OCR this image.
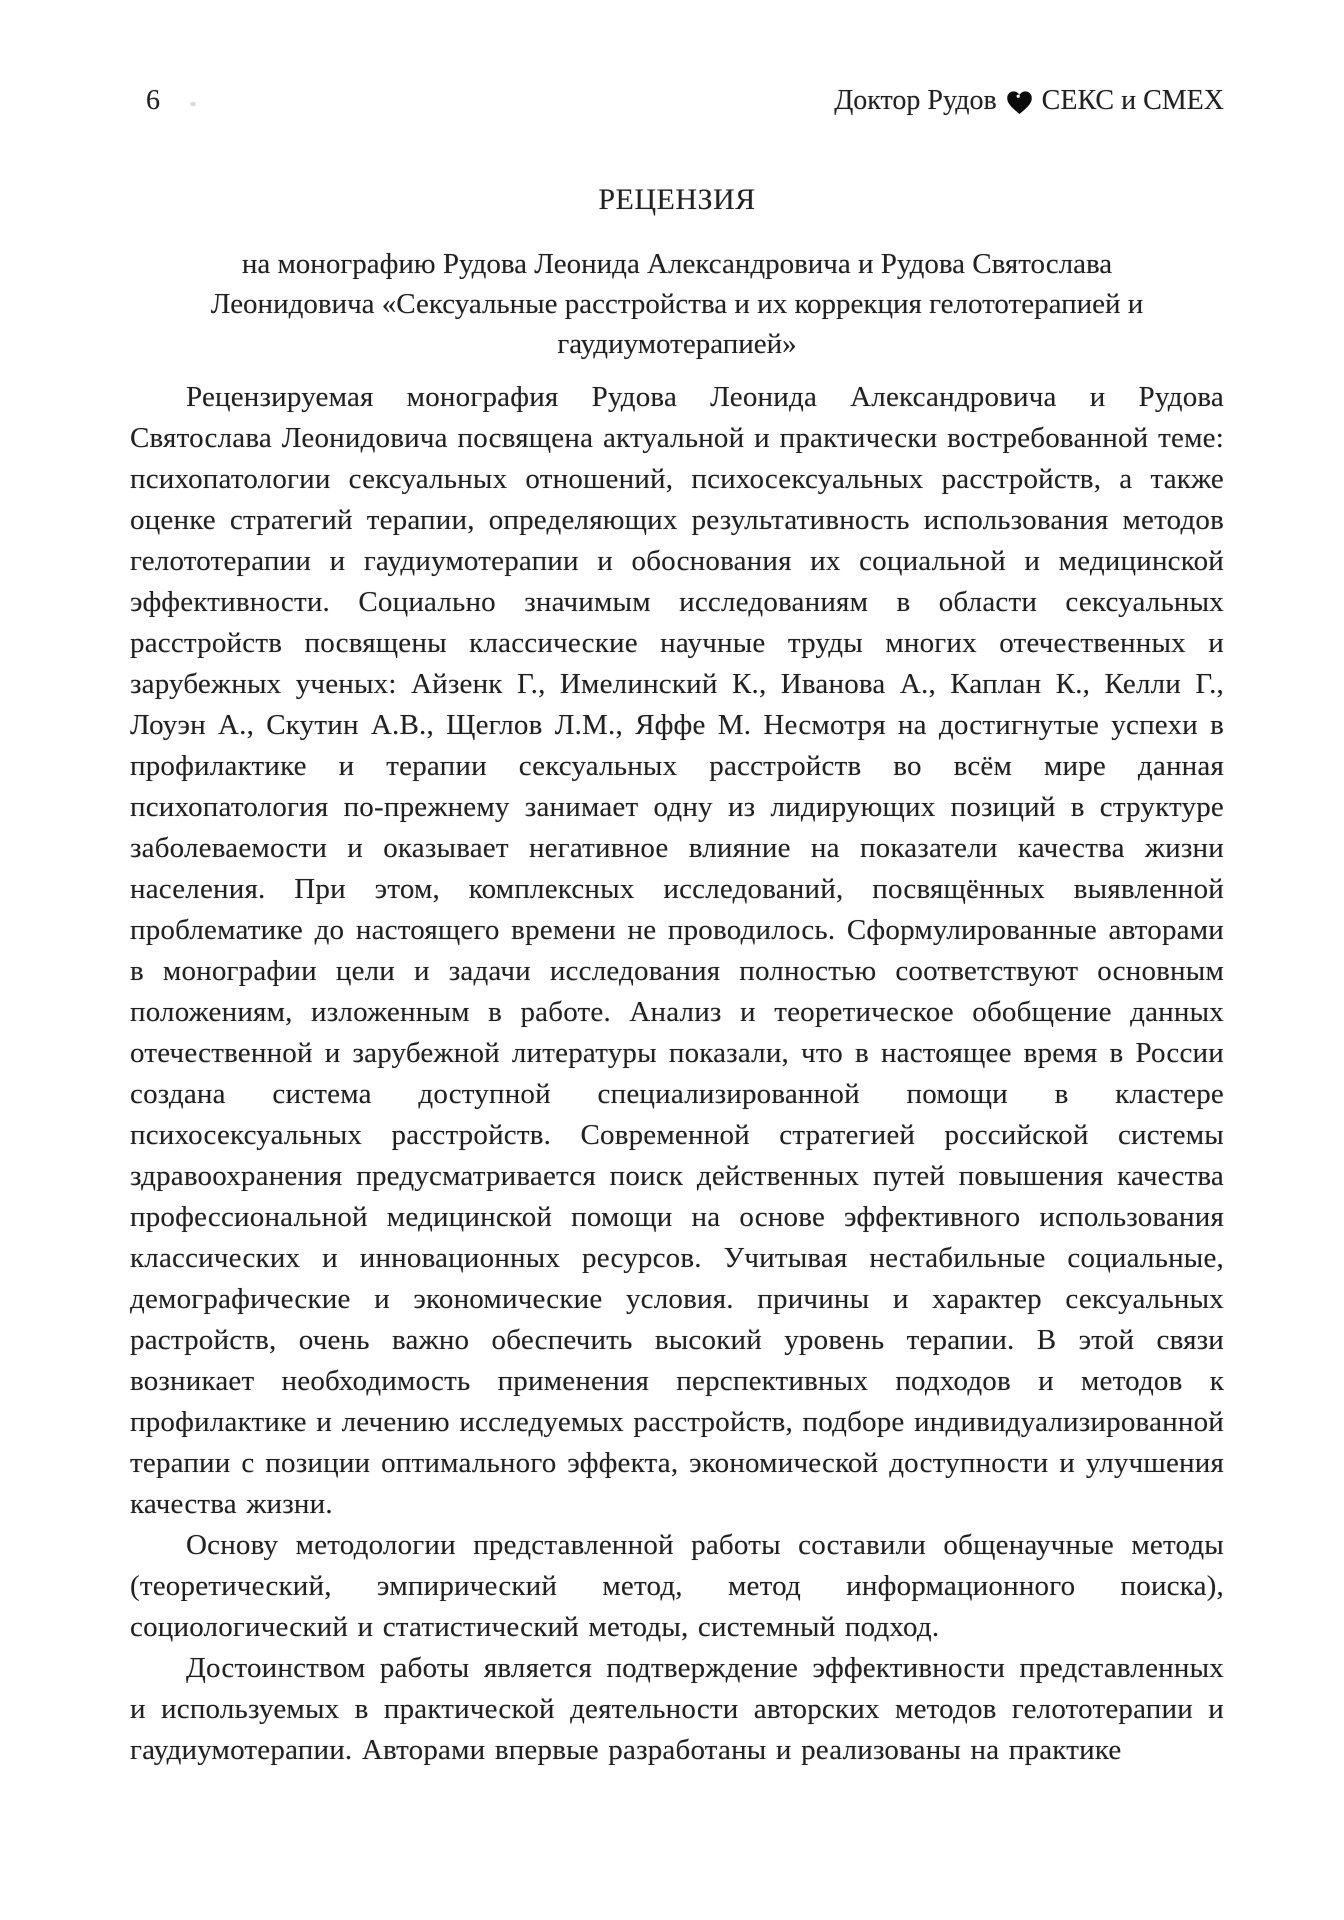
6	Доктор Рудов СЕКС и СМЕХ
РЕЦЕНЗИЯ
на монографию Рудова Леонида Александровича и Рудова Святослава
Леонидовича «Сексуальные расстройства и их коррекция гелототерапией и
гаудиумотерапией»

Рецензируемая монография Рудова Леонида Александровича и Рудова Святослава Леонидовича посвящена актуальной и практически востребованной теме: психопатологии сексуальных отношений, психосексуальных расстройств, а также оценке стратегий терапии, определяющих результативность использования методов гелототерапии и гаудиумотерапии и обоснования их социальной и медицинской эффективности. Социально значимым исследованиям в области сексуальных расстройств посвящены классические научные труды многих отечественных и зарубежных ученых: Айзенк Г., Имелинский К., Иванова А., Каплан К., Келли Г., Лоуэн А., Скутин А.В., Щеглов Л.М., Яффе М. Несмотря на достигнутые успехи в профилактике и терапии сексуальных расстройств во всём мире данная психопатология по-прежнему занимает одну из лидирующих позиций в структуре заболеваемости и оказывает негативное влияние на показатели качества жизни населения. При этом, комплексных исследований, посвящённых выявленной проблематике до настоящего времени не проводилось. Сформулированные авторами в монографии цели и задачи исследования полностью соответствуют основным положениям, изложенным в работе. Анализ и теоретическое обобщение данных отечественной и зарубежной литературы показали, что в настоящее время в России создана система доступной специализированной помощи в кластере психосексуальных расстройств. Современной стратегией российской системы здравоохранения предусматривается поиск действенных путей повышения качества профессиональной медицинской помощи на основе эффективного использования классических и инновационных ресурсов. Учитывая нестабильные социальные, демографические и экономические условия. причины и характер сексуальных растройств, очень важно обеспечить высокий уровень терапии. В этой связи возникает необходимость применения перспективных подходов и методов к профилактике и лечению исследуемых расстройств, подборе индивидуализированной терапии с позиции оптимального эффекта, экономической доступности и улучшения качества жизни.

Основу методологии представленной работы составили общенаучные методы (теоретический, эмпирический метод, метод информационного поиска), социологический и статистический методы, системный подход.

Достоинством работы является подтверждение эффективности представленных и используемых в практической деятельности авторских методов гелототерапии и гаудиумотерапии. Авторами впервые разработаны и реализованы на практике
